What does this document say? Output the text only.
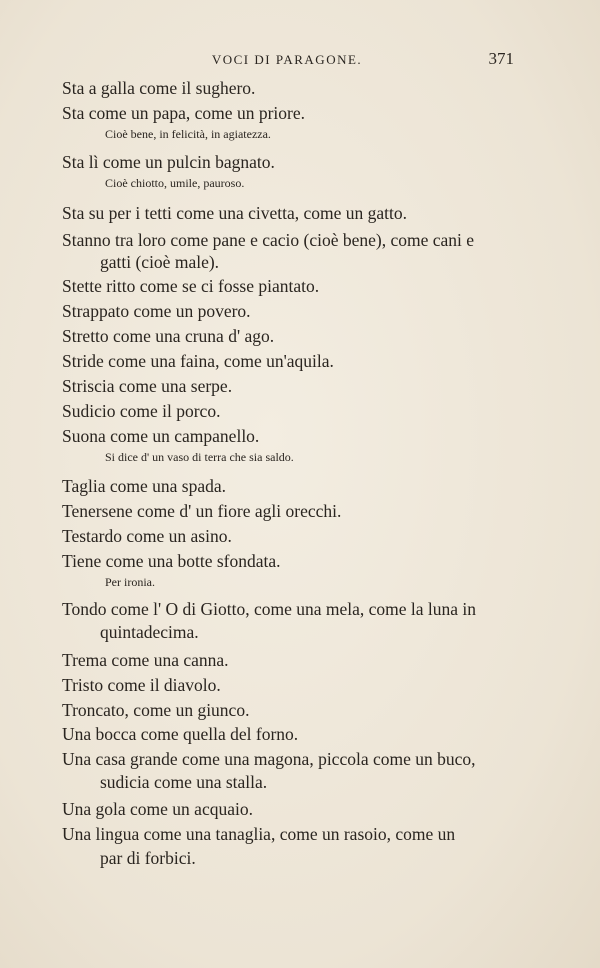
VOCI DI PARAGONE.	371
Sta a galla come il sughero.
Sta come un papa, come un priore.
Cioè bene, in felicità, in agiatezza.
Sta lì come un pulcin bagnato.
Cioè chiotto, umile, pauroso.
Sta su per i tetti come una civetta, come un gatto.
Stanno tra loro come pane e cacio (cioè bene), come cani e
gatti (cioè male).
Stette ritto come se ci fosse piantato.
Strappato come un povero.
Stretto come una cruna d' ago.
Stride come una faina, come un'aquila.
Striscia come una serpe.
Sudicio come il porco.
Suona come un campanello.
Si dice d' un vaso di terra che sia saldo.
Taglia come una spada.
Tenersene come d' un fiore agli orecchi.
Testardo come un asino.
Tiene come una botte sfondata.
Per ironia.
Tondo come l' O di Giotto, come una mela, come la luna in
quintadecima.
Trema come una canna.
Tristo come il diavolo.
Troncato, come un giunco.
Una bocca come quella del forno.
Una casa grande come una magona, piccola come un buco,
sudicia come una stalla.
Una gola come un acquaio.
Una lingua come una tanaglia, come un rasoio, come un
par di forbici.
